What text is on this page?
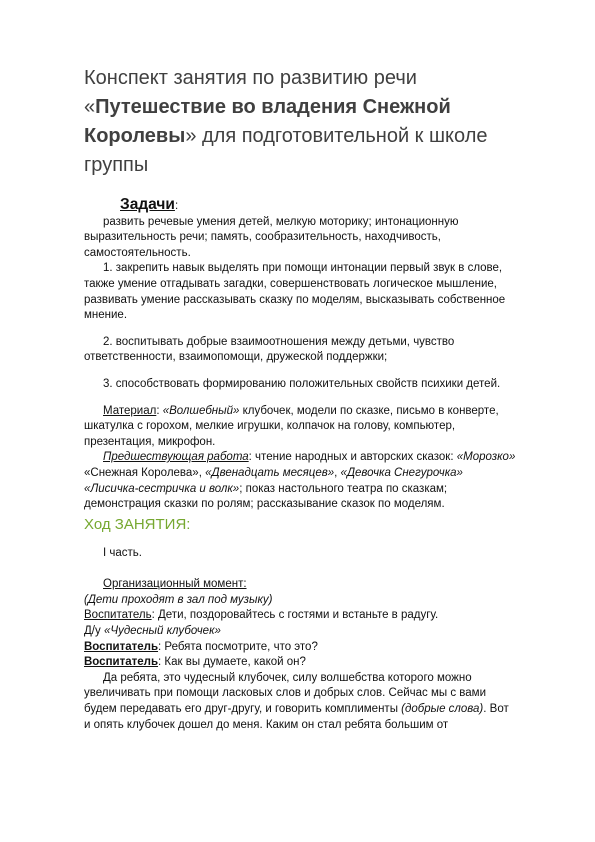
Конспект занятия по развитию речи
«Путешествие во владения Снежной Королевы» для подготовительной к школе группы

Задачи:

развить речевые умения детей, мелкую моторику; интонационную выразительность речи; память, сообразительность, находчивость, самостоятельность.

1. закрепить навык выделять при помощи интонации первый звук в слове, также умение отгадывать загадки, совершенствовать логическое мышление, развивать умение рассказывать сказку по моделям, высказывать собственное мнение.

2. воспитывать добрые взаимоотношения между детьми, чувство ответственности, взаимопомощи, дружеской поддержки;

3. способствовать формированию положительных свойств психики детей.

Материал: «Волшебный» клубочек, модели по сказке, письмо в конверте, шкатулка с горохом, мелкие игрушки, колпачок на голову, компьютер, презентация, микрофон.

Предшествующая работа: чтение народных и авторских сказок: «Морозко» «Снежная Королева», «Двенадцать месяцев», «Девочка Снегурочка» «Лисичка-сестричка и волк»; показ настольного театра по сказкам; демонстрация сказки по ролям; рассказывание сказок по моделям.

Ход ЗАНЯТИЯ:

I часть.

Организационный момент:

(Дети проходят в зал под музыку)

Воспитатель: Дети, поздоровайтесь с гостями и встаньте в радугу.

Д/у «Чудесный клубочек»

Воспитатель: Ребята посмотрите, что это?

Воспитатель: Как вы думаете, какой он?

Да ребята, это чудесный клубочек, силу волшебства которого можно увеличивать при помощи ласковых слов и добрых слов. Сейчас мы с вами будем передавать его друг-другу, и говорить комплименты (добрые слова). Вот и опять клубочек дошел до меня. Каким он стал ребята большим от
